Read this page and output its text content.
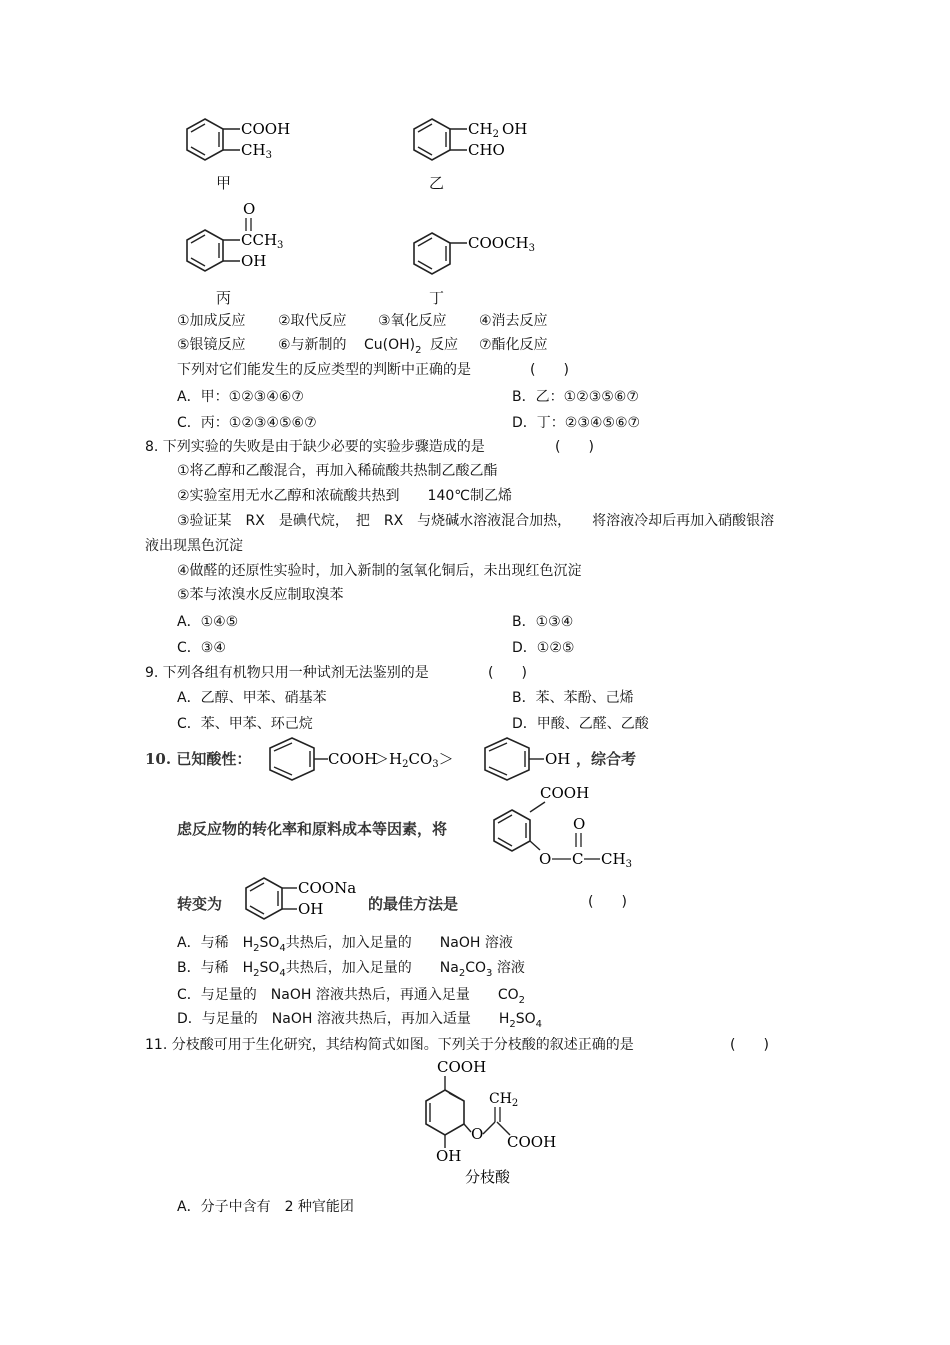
COOH
$CH_3$
甲
$CH_2$ OH
CHO
乙
O
$CCH_3$
OH
丙
$COOCH_3$
丁
①加成反应 ②取代反应 ③氧化反应 ④消去反应
⑤银镜反应 ⑥与新制的 $Cu(OH)_2$ 反应 ⑦酯化反应
下列对它们能发生的反应类型的判断中正确的是	(　　)
A．甲：①②③④⑥⑦	B．乙：①②③⑤⑥⑦
C．丙：①②③④⑤⑥⑦	D．丁：②③④⑤⑥⑦
8. 下列实验的失败是由于缺少必要的实验步骤造成的是	(　　)
①将乙醇和乙酸混合，再加入稀硫酸共热制乙酸乙酯
②实验室用无水乙醇和浓硫酸共热到　　140℃制乙烯
③验证某　RX　是碘代烷，　把　RX　与烧碱水溶液混合加热，　　将溶液冷却后再加入硝酸银溶
液出现黑色沉淀
④做醛的还原性实验时，加入新制的氢氧化铜后，未出现红色沉淀
⑤苯与浓溴水反应制取溴苯
A．①④⑤	B．①③④
C．③④	D．①②⑤
9. 下列各组有机物只用一种试剂无法鉴别的是	(　　)
A．乙醇、甲苯、硝基苯	B．苯、苯酚、己烯
C．苯、甲苯、环己烷	D．甲酸、乙醛、乙酸
10. 已知酸性：	COOH
$>H_2CO_3>$	OH ，综合考
虑反应物的转化率和原料成本等因素，将
COOH
O
O C $CH_3$
转变为
COONa
OH	的最佳方法是	(　　)
A．与稀　$H_2SO_4$共热后，加入足量的　　NaOH 溶液
B．与稀　$H_2SO_4$共热后，加入足量的　　$Na_2CO_3$ 溶液
C．与足量的　NaOH 溶液共热后，再通入足量　　$CO_2$
D．与足量的　NaOH 溶液共热后，再加入适量　　$H_2SO_4$
11. 分枝酸可用于生化研究，其结构简式如图。下列关于分枝酸的叙述正确的是	(　　)
COOH
OH
O
$CH_2$
COOH
分枝酸
A．分子中含有　2 种官能团
